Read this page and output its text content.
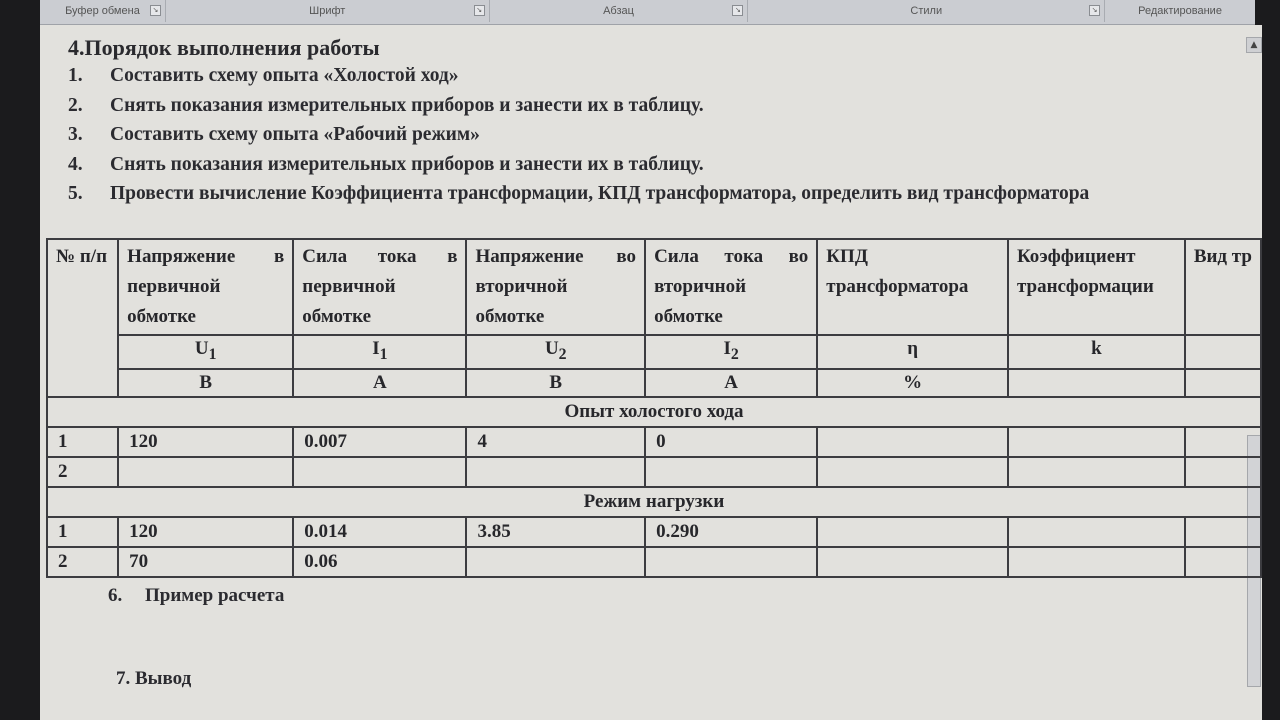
Буфер обмена	↘	Шрифт	↘	Абзац	↘	Стили	↘	Редактирование
▲
4.Порядок выполнения работы
1.	Составить схему опыта «Холостой ход»
2.	Снять показания измерительных приборов и занести их в таблицу.
3.	Составить схему опыта «Рабочий режим»
4.	Снять показания измерительных приборов и занести их в таблицу.
5.	Провести вычисление Коэффициента трансформации, КПД трансформатора, определить вид трансформатора
№ п/п	Напряжение в первичной обмотке	Сила тока в первичной обмотке	Напряжение во вторичной обмотке	Сила тока во вторичной обмотке	КПД трансформатора	Коэффициент трансформации	Вид тр
	$U_1$	$I_1$	$U_2$	$I_2$	η	k	
	В	А	В	А	%		
Опыт холостого хода							
1	120	0.007	4	0			
2							
Режим нагрузки							
1	120	0.014	3.85	0.290			
2	70	0.06					
6. Пример расчета
7. Вывод
